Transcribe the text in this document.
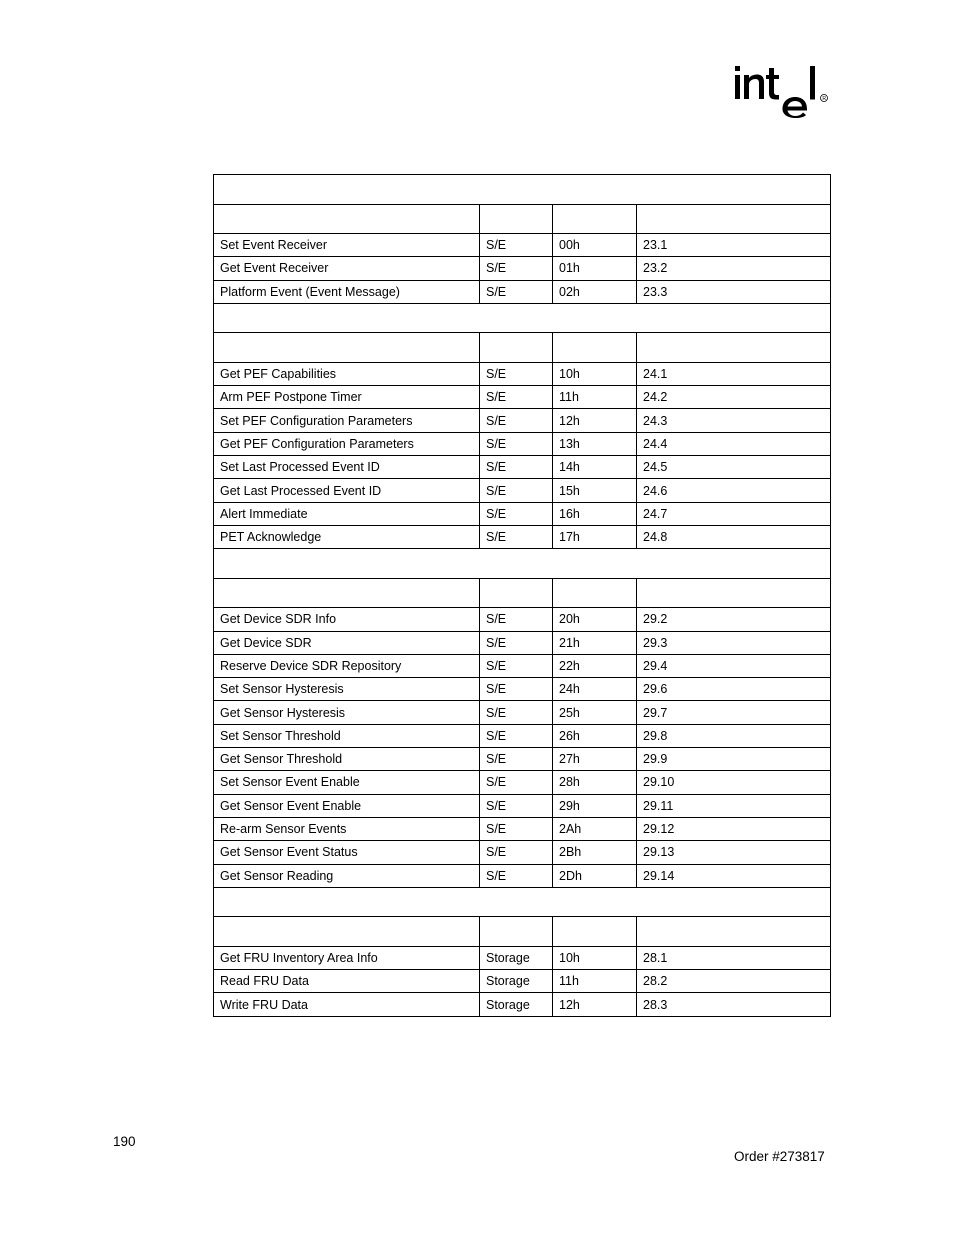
R

Set Event Receiver	S/E	00h	23.1
Get Event Receiver	S/E	01h	23.2
Platform Event (Event Message)	S/E	02h	23.3

Get PEF Capabilities	S/E	10h	24.1
Arm PEF Postpone Timer	S/E	11h	24.2
Set PEF Configuration Parameters	S/E	12h	24.3
Get PEF Configuration Parameters	S/E	13h	24.4
Set Last Processed Event ID	S/E	14h	24.5
Get Last Processed Event ID	S/E	15h	24.6
Alert Immediate	S/E	16h	24.7
PET Acknowledge	S/E	17h	24.8

Get Device SDR Info	S/E	20h	29.2
Get Device SDR	S/E	21h	29.3
Reserve Device SDR Repository	S/E	22h	29.4
Set Sensor Hysteresis	S/E	24h	29.6
Get Sensor Hysteresis	S/E	25h	29.7
Set Sensor Threshold	S/E	26h	29.8
Get Sensor Threshold	S/E	27h	29.9
Set Sensor Event Enable	S/E	28h	29.10
Get Sensor Event Enable	S/E	29h	29.11
Re-arm Sensor Events	S/E	2Ah	29.12
Get Sensor Event Status	S/E	2Bh	29.13
Get Sensor Reading	S/E	2Dh	29.14

Get FRU Inventory Area Info	Storage	10h	28.1
Read FRU Data	Storage	11h	28.2
Write FRU Data	Storage	12h	28.3
190
Order #273817
